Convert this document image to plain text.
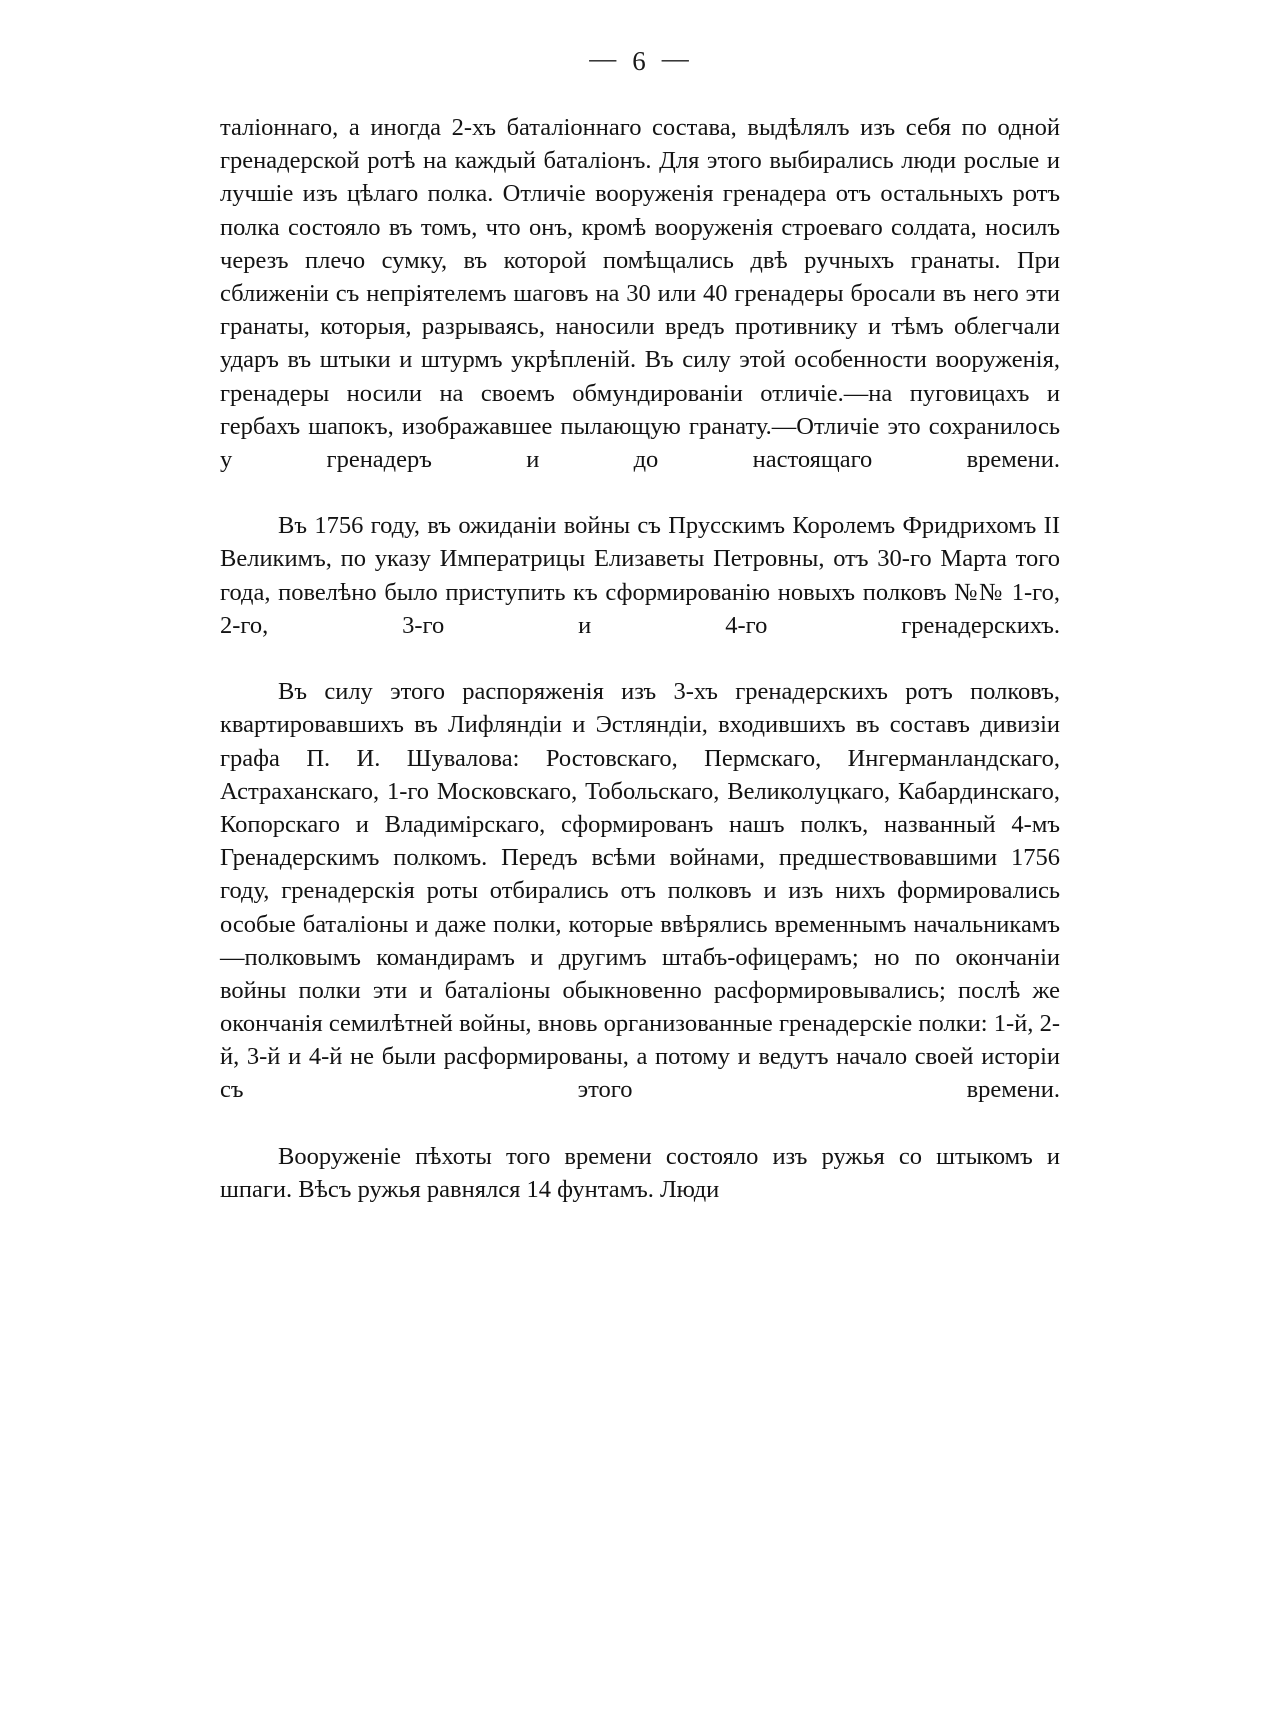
— 6 —

таліоннаго, а иногда 2-хъ баталіоннаго состава, выдѣлялъ изъ себя по одной гренадерской ротѣ на каждый баталіонъ. Для этого выбирались люди рослые и лучшіе изъ цѣлаго полка. Отличіе вооруженія гренадера отъ остальныхъ ротъ полка состояло въ томъ, что онъ, кромѣ вооруженія строеваго солдата, носилъ черезъ плечо сумку, въ которой помѣщались двѣ ручныхъ гранаты. При сближеніи съ непріятелемъ шаговъ на 30 или 40 гренадеры бросали въ него эти гранаты, которыя, разрываясь, наносили вредъ противнику и тѣмъ облегчали ударъ въ штыки и штурмъ укрѣпленій. Въ силу этой особенности вооруженія, гренадеры носили на своемъ обмундированіи отличіе.—на пуговицахъ и гербахъ шапокъ, изображавшее пылающую гранату.—Отличіе это сохранилось у гренадеръ и до настоящаго времени.

Въ 1756 году, въ ожиданіи войны съ Прусскимъ Королемъ Фридрихомъ II Великимъ, по указу Императрицы Елизаветы Петровны, отъ 30-го Марта того года, повелѣно было приступить къ сформированію новыхъ полковъ №№ 1-го, 2-го, 3-го и 4-го гренадерскихъ.

Въ силу этого распоряженія изъ 3-хъ гренадерскихъ ротъ полковъ, квартировавшихъ въ Лифляндіи и Эстляндіи, входившихъ въ составъ дивизіи графа П. И. Шувалова: Ростовскаго, Пермскаго, Ингерманландскаго, Астраханскаго, 1-го Московскаго, Тобольскаго, Великолуцкаго, Кабардинскаго, Копорскаго и Владимірскаго, сформированъ нашъ полкъ, названный 4-мъ Гренадерскимъ полкомъ. Передъ всѣми войнами, предшествовавшими 1756 году, гренадерскія роты отбирались отъ полковъ и изъ нихъ формировались особые баталіоны и даже полки, которые ввѣрялись временнымъ начальникамъ—полковымъ командирамъ и другимъ штабъ-офицерамъ; но по окончаніи войны полки эти и баталіоны обыкновенно расформировывались; послѣ же окончанія семилѣтней войны, вновь организованные гренадерскіе полки: 1-й, 2-й, 3-й и 4-й не были расформированы, а потому и ведутъ начало своей исторіи съ этого времени.

Вооруженіе пѣхоты того времени состояло изъ ружья со штыкомъ и шпаги. Вѣсъ ружья равнялся 14 фунтамъ. Люди
